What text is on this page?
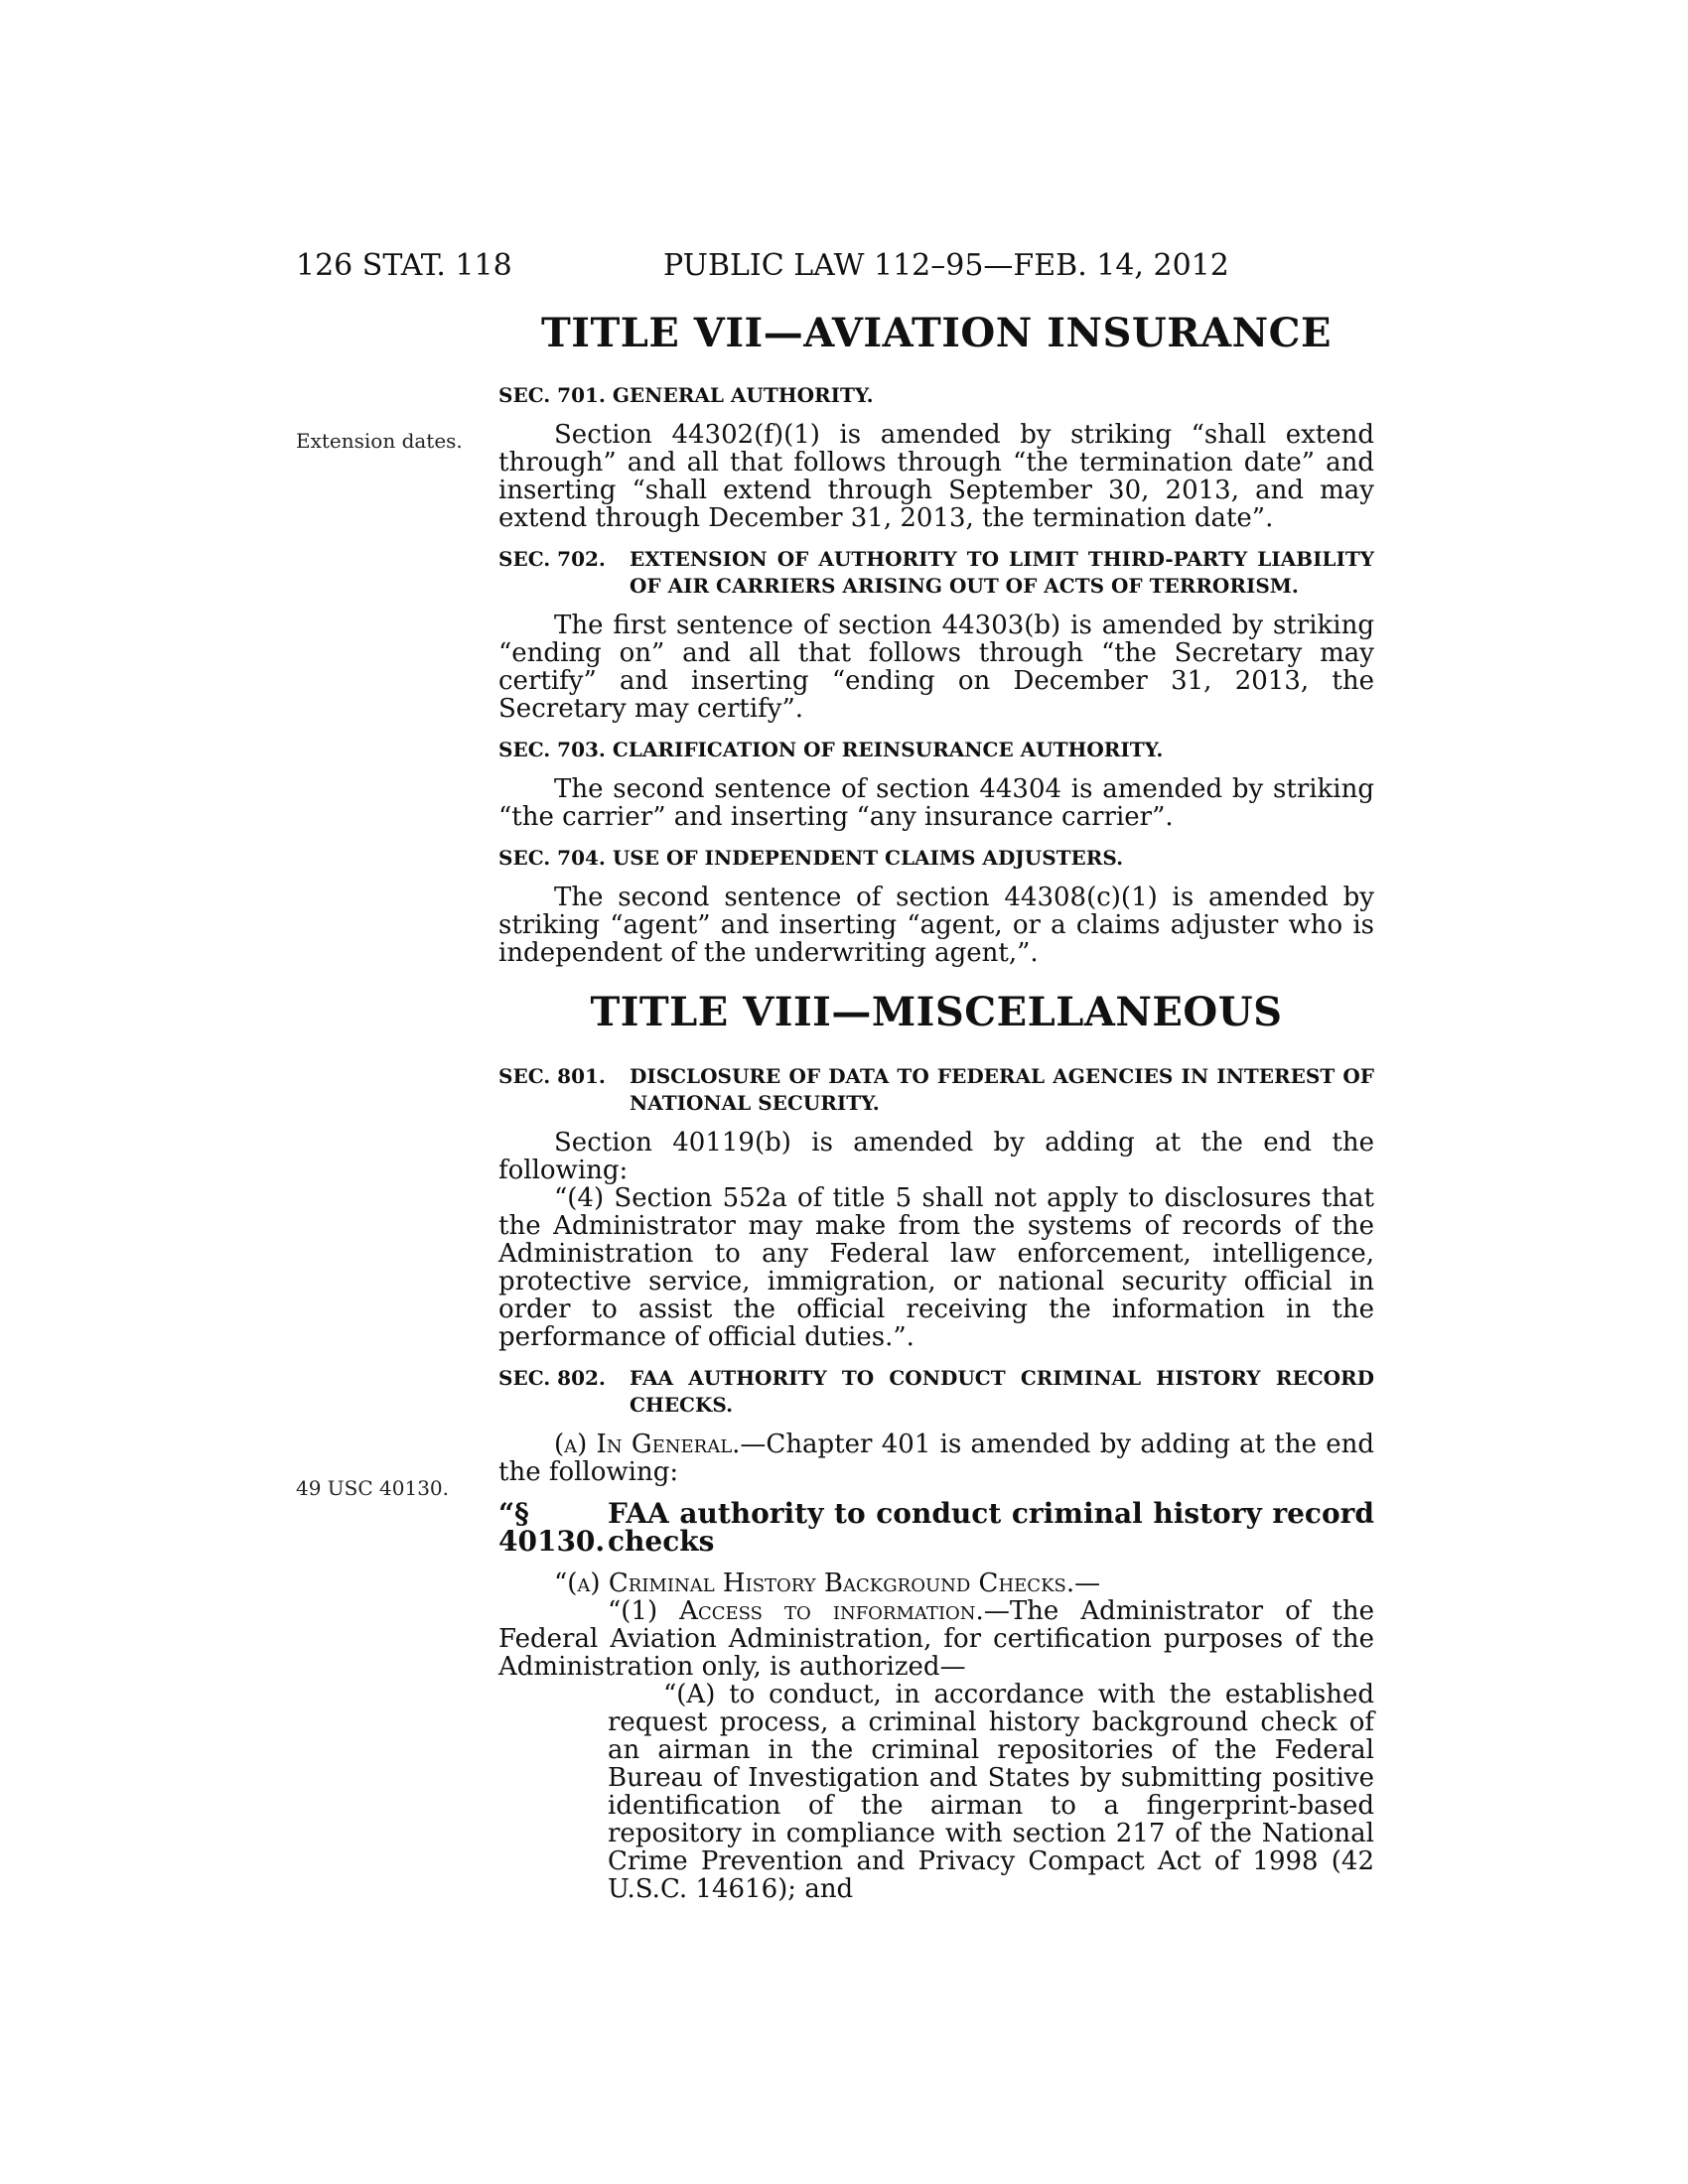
126 STAT. 118	PUBLIC LAW 112–95—FEB. 14, 2012
Extension dates.
49 USC 40130.
TITLE VII—AVIATION INSURANCE
SEC. 701. GENERAL AUTHORITY.

Section 44302(f)(1) is amended by striking “shall extend through” and all that follows through “the termination date” and inserting “shall extend through September 30, 2013, and may extend through December 31, 2013, the termination date”.

SEC. 702.	EXTENSION OF AUTHORITY TO LIMIT THIRD-PARTY LIABILITY OF AIR CARRIERS ARISING OUT OF ACTS OF TERRORISM.

The first sentence of section 44303(b) is amended by striking “ending on” and all that follows through “the Secretary may certify” and inserting “ending on December 31, 2013, the Secretary may certify”.

SEC. 703. CLARIFICATION OF REINSURANCE AUTHORITY.

The second sentence of section 44304 is amended by striking “the carrier” and inserting “any insurance carrier”.

SEC. 704. USE OF INDEPENDENT CLAIMS ADJUSTERS.

The second sentence of section 44308(c)(1) is amended by striking “agent” and inserting “agent, or a claims adjuster who is independent of the underwriting agent,”.

TITLE VIII—MISCELLANEOUS
SEC. 801.	DISCLOSURE OF DATA TO FEDERAL AGENCIES IN INTEREST OF NATIONAL SECURITY.

Section 40119(b) is amended by adding at the end the following:

“(4) Section 552a of title 5 shall not apply to disclosures that the Administrator may make from the systems of records of the Administration to any Federal law enforcement, intelligence, protective service, immigration, or national security official in order to assist the official receiving the information in the performance of official duties.”.

SEC. 802.	FAA AUTHORITY TO CONDUCT CRIMINAL HISTORY RECORD CHECKS.

(a) In General.—Chapter 401 is amended by adding at the end the following:

“§ 40130.
FAA authority to conduct criminal history record checks

“(a) Criminal History Background Checks.—

“(1) Access to information.—The Administrator of the Federal Aviation Administration, for certification purposes of the Administration only, is authorized—

“(A) to conduct, in accordance with the established request process, a criminal history background check of an airman in the criminal repositories of the Federal Bureau of Investigation and States by submitting positive identification of the airman to a fingerprint-based repository in compliance with section 217 of the National Crime Prevention and Privacy Compact Act of 1998 (42 U.S.C. 14616); and
